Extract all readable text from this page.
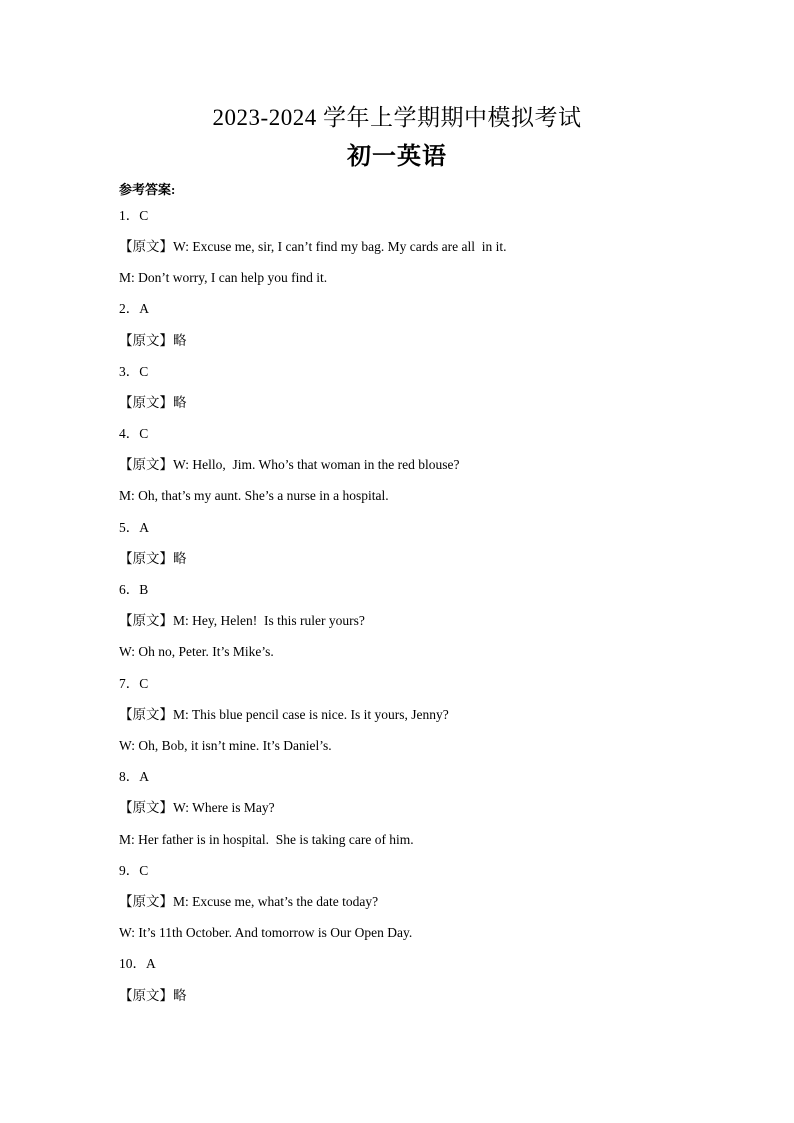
2023-2024 学年上学期期中模拟考试
初一英语
参考答案:
1．C
【原文】W: Excuse me, sir, I can’t find my bag. My cards are all  in it.
M: Don’t worry, I can help you find it.
2．A
【原文】略
3．C
【原文】略
4．C
【原文】W: Hello,  Jim. Who’s that woman in the red blouse?
M: Oh, that’s my aunt. She’s a nurse in a hospital.
5．A
【原文】略
6．B
【原文】M: Hey, Helen!  Is this ruler yours?
W: Oh no, Peter. It’s Mike’s.
7．C
【原文】M: This blue pencil case is nice. Is it yours, Jenny?
W: Oh, Bob, it isn’t mine. It’s Daniel’s.
8．A
【原文】W: Where is May?
M: Her father is in hospital.  She is taking care of him.
9．C
【原文】M: Excuse me, what’s the date today?
W: It’s 11th October. And tomorrow is Our Open Day.
10．A
【原文】略
